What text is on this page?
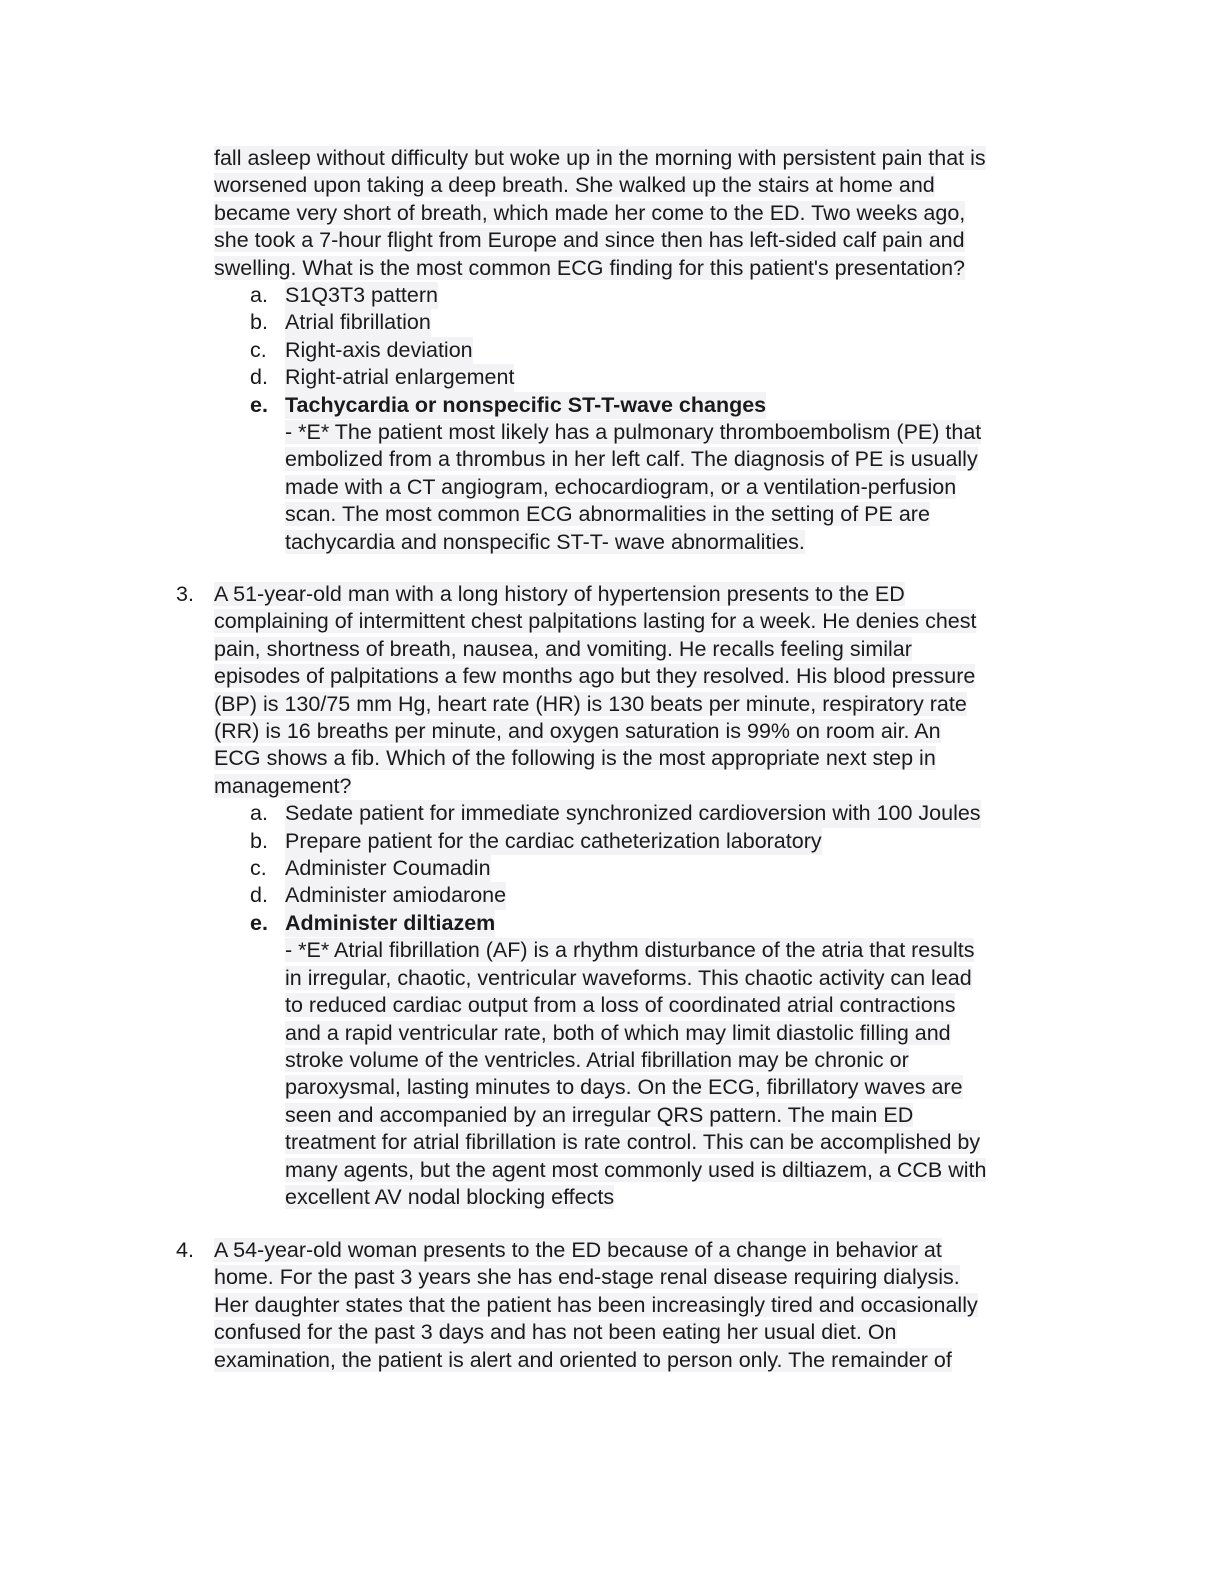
fall asleep without difficulty but woke up in the morning with persistent pain that is
worsened upon taking a deep breath. She walked up the stairs at home and
became very short of breath, which made her come to the ED. Two weeks ago,
she took a 7-hour flight from Europe and since then has left-sided calf pain and
swelling. What is the most common ECG finding for this patient's presentation?
a. S1Q3T3 pattern
b. Atrial fibrillation
c. Right-axis deviation
d. Right-atrial enlargement
e. Tachycardia or nonspecific ST-T-wave changes
- *E* The patient most likely has a pulmonary thromboembolism (PE) that
embolized from a thrombus in her left calf. The diagnosis of PE is usually
made with a CT angiogram, echocardiogram, or a ventilation-perfusion
scan. The most common ECG abnormalities in the setting of PE are
tachycardia and nonspecific ST-T- wave abnormalities.
3. A 51-year-old man with a long history of hypertension presents to the ED
complaining of intermittent chest palpitations lasting for a week. He denies chest
pain, shortness of breath, nausea, and vomiting. He recalls feeling similar
episodes of palpitations a few months ago but they resolved. His blood pressure
(BP) is 130/75 mm Hg, heart rate (HR) is 130 beats per minute, respiratory rate
(RR) is 16 breaths per minute, and oxygen saturation is 99% on room air. An
ECG shows a fib. Which of the following is the most appropriate next step in
management?
a. Sedate patient for immediate synchronized cardioversion with 100 Joules
b. Prepare patient for the cardiac catheterization laboratory
c. Administer Coumadin
d. Administer amiodarone
e. Administer diltiazem
- *E* Atrial fibrillation (AF) is a rhythm disturbance of the atria that results
in irregular, chaotic, ventricular waveforms. This chaotic activity can lead
to reduced cardiac output from a loss of coordinated atrial contractions
and a rapid ventricular rate, both of which may limit diastolic filling and
stroke volume of the ventricles. Atrial fibrillation may be chronic or
paroxysmal, lasting minutes to days. On the ECG, fibrillatory waves are
seen and accompanied by an irregular QRS pattern. The main ED
treatment for atrial fibrillation is rate control. This can be accomplished by
many agents, but the agent most commonly used is diltiazem, a CCB with
excellent AV nodal blocking effects
4. A 54-year-old woman presents to the ED because of a change in behavior at
home. For the past 3 years she has end-stage renal disease requiring dialysis.
Her daughter states that the patient has been increasingly tired and occasionally
confused for the past 3 days and has not been eating her usual diet. On
examination, the patient is alert and oriented to person only. The remainder of
